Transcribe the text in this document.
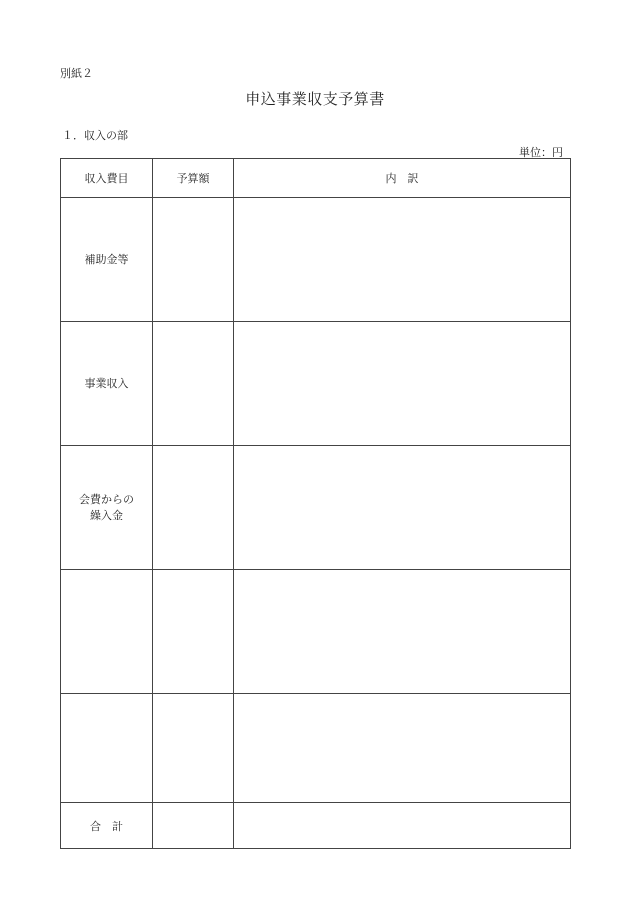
別紙２
申込事業収支予算書
１．収入の部
単位：円
収入費目	予算額	内　訳

補助金等		

事業収入		

会費からの
繰入金		

合　計		
